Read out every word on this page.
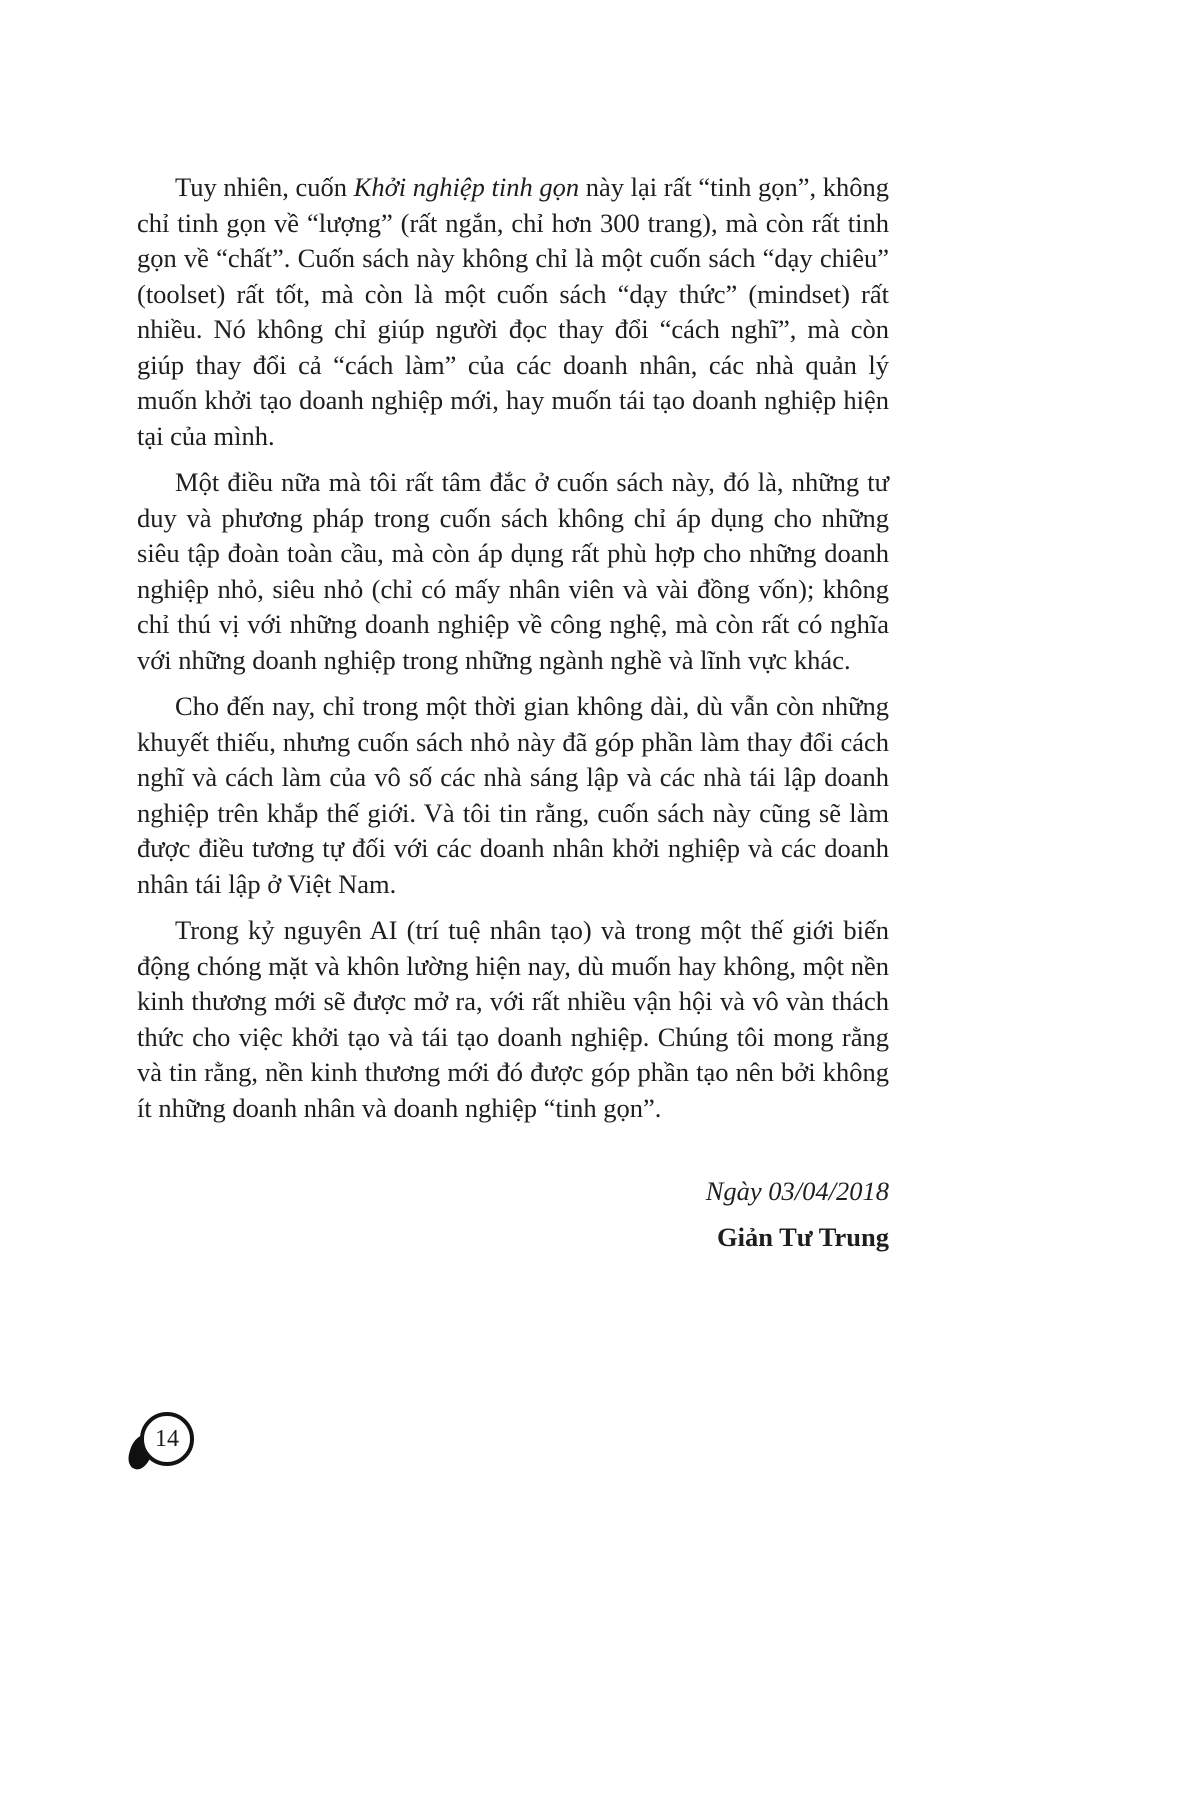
Tuy nhiên, cuốn Khởi nghiệp tinh gọn này lại rất “tinh gọn”, không chỉ tinh gọn về “lượng” (rất ngắn, chỉ hơn 300 trang), mà còn rất tinh gọn về “chất”. Cuốn sách này không chỉ là một cuốn sách “dạy chiêu” (toolset) rất tốt, mà còn là một cuốn sách “dạy thức” (mindset) rất nhiều. Nó không chỉ giúp người đọc thay đổi “cách nghĩ”, mà còn giúp thay đổi cả “cách làm” của các doanh nhân, các nhà quản lý muốn khởi tạo doanh nghiệp mới, hay muốn tái tạo doanh nghiệp hiện tại của mình.

Một điều nữa mà tôi rất tâm đắc ở cuốn sách này, đó là, những tư duy và phương pháp trong cuốn sách không chỉ áp dụng cho những siêu tập đoàn toàn cầu, mà còn áp dụng rất phù hợp cho những doanh nghiệp nhỏ, siêu nhỏ (chỉ có mấy nhân viên và vài đồng vốn); không chỉ thú vị với những doanh nghiệp về công nghệ, mà còn rất có nghĩa với những doanh nghiệp trong những ngành nghề và lĩnh vực khác.

Cho đến nay, chỉ trong một thời gian không dài, dù vẫn còn những khuyết thiếu, nhưng cuốn sách nhỏ này đã góp phần làm thay đổi cách nghĩ và cách làm của vô số các nhà sáng lập và các nhà tái lập doanh nghiệp trên khắp thế giới. Và tôi tin rằng, cuốn sách này cũng sẽ làm được điều tương tự đối với các doanh nhân khởi nghiệp và các doanh nhân tái lập ở Việt Nam.

Trong kỷ nguyên AI (trí tuệ nhân tạo) và trong một thế giới biến động chóng mặt và khôn lường hiện nay, dù muốn hay không, một nền kinh thương mới sẽ được mở ra, với rất nhiều vận hội và vô vàn thách thức cho việc khởi tạo và tái tạo doanh nghiệp. Chúng tôi mong rằng và tin rằng, nền kinh thương mới đó được góp phần tạo nên bởi không ít những doanh nhân và doanh nghiệp “tinh gọn”.

Ngày 03/04/2018

Giản Tư Trung

14
